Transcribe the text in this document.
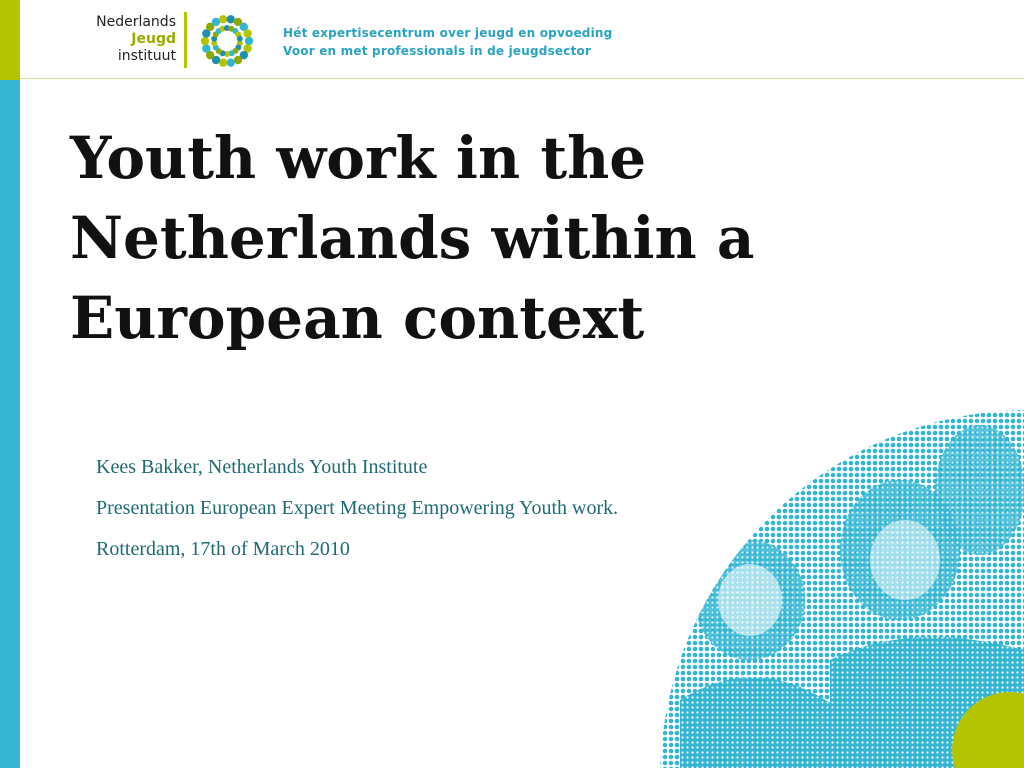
Nederlands
Jeugd
instituut
Hét expertisecentrum over jeugd en opvoeding
Voor en met professionals in de jeugdsector
Youth work in the
Netherlands within a
European context
Kees Bakker, Netherlands Youth Institute
Presentation European Expert Meeting Empowering Youth work.
Rotterdam, 17th of March 2010
